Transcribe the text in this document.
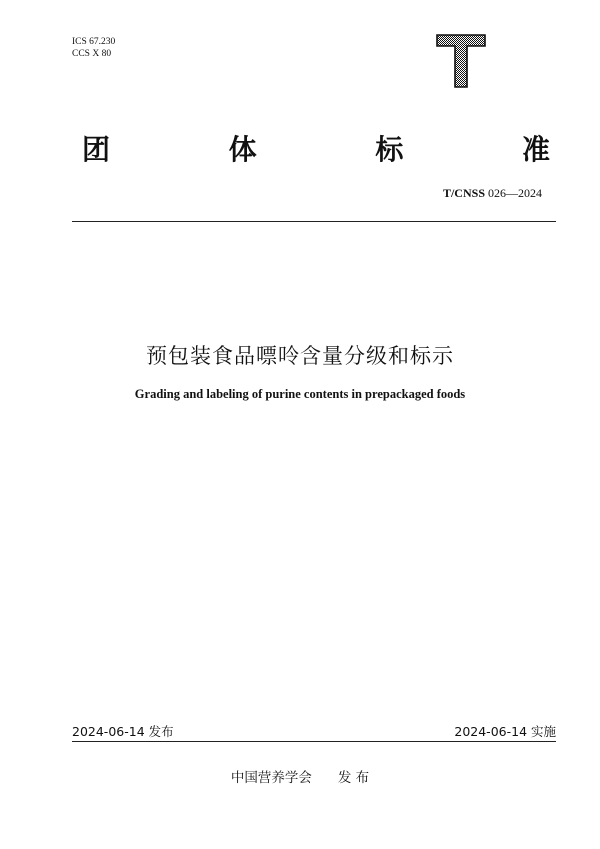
ICS 67.230
CCS X 80
团	体	标	准
T/CNSS 026—2024
预包装食品嘌呤含量分级和标示
Grading and labeling of purine contents in prepackaged foods
2024-06-14 发布	2024-06-14 实施
中国营养学会 发 布
